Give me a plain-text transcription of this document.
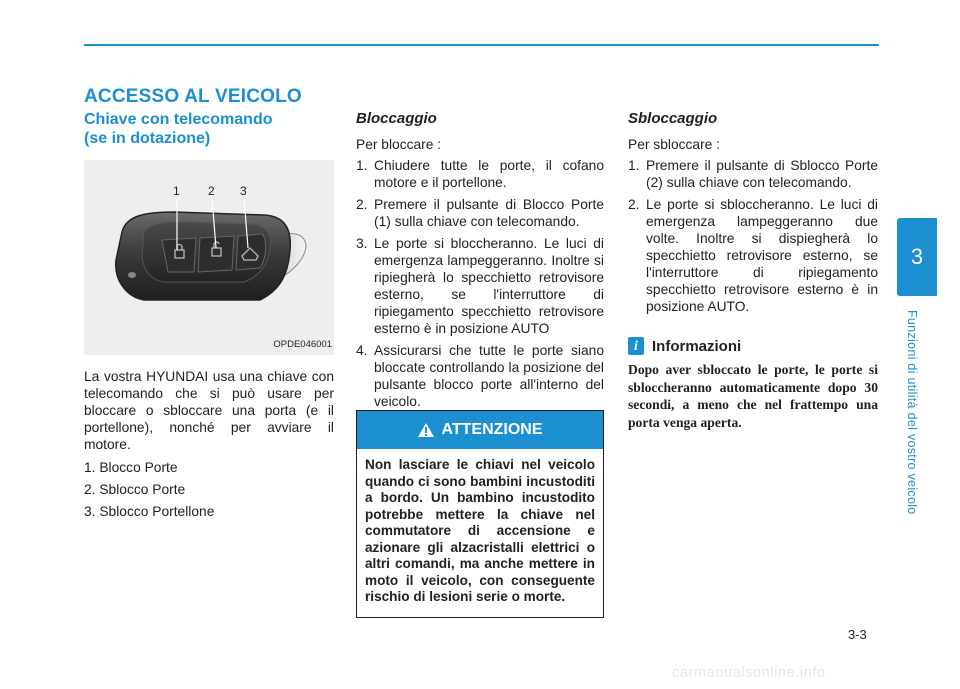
ACCESSO AL VEICOLO
3
Funzioni di utilità del vostro veicolo
Chiave con telecomando
(se in dotazione)
1 2 3
OPDE046001

La vostra HYUNDAI usa una chiave con telecomando che si può usare per bloccare o sbloccare una porta (e il portellone), nonché per avviare il motore.

1. Blocco Porte
2. Sblocco Porte
3. Sblocco Portellone
Bloccaggio

Per bloccare :

1. Chiudere tutte le porte, il cofano motore e il portellone.
2. Premere il pulsante di Blocco Porte (1) sulla chiave con telecomando.
3. Le porte si bloccheranno. Le luci di emergenza lampeggeranno. Inoltre si ripiegherà lo specchietto retrovisore esterno, se l'interruttore di ripiegamento specchietto retrovisore esterno è in posizione AUTO
4. Assicurarsi che tutte le porte siano bloccate controllando la posizione del pulsante blocco porte all'interno del veicolo.
ATTENZIONE
Non lasciare le chiavi nel veicolo quando ci sono bambini incustoditi a bordo. Un bambino incustodito potrebbe mettere la chiave nel commutatore di accensione e azionare gli alzacristalli elettrici o altri comandi, ma anche mettere in moto il veicolo, con conseguente rischio di lesioni serie o morte.
Sbloccaggio

Per sbloccare :

1. Premere il pulsante di Sblocco Porte (2) sulla chiave con telecomando.
2. Le porte si sbloccheranno. Le luci di emergenza lampeggeranno due volte. Inoltre si dispiegherà lo specchietto retrovisore esterno, se l'interruttore di ripiegamento specchietto retrovisore esterno è in posizione AUTO.
i Informazioni

Dopo aver sbloccato le porte, le porte si sbloccheranno automaticamente dopo 30 secondi, a meno che nel frattempo una porta venga aperta.

3-3
carmanualsonline.info
